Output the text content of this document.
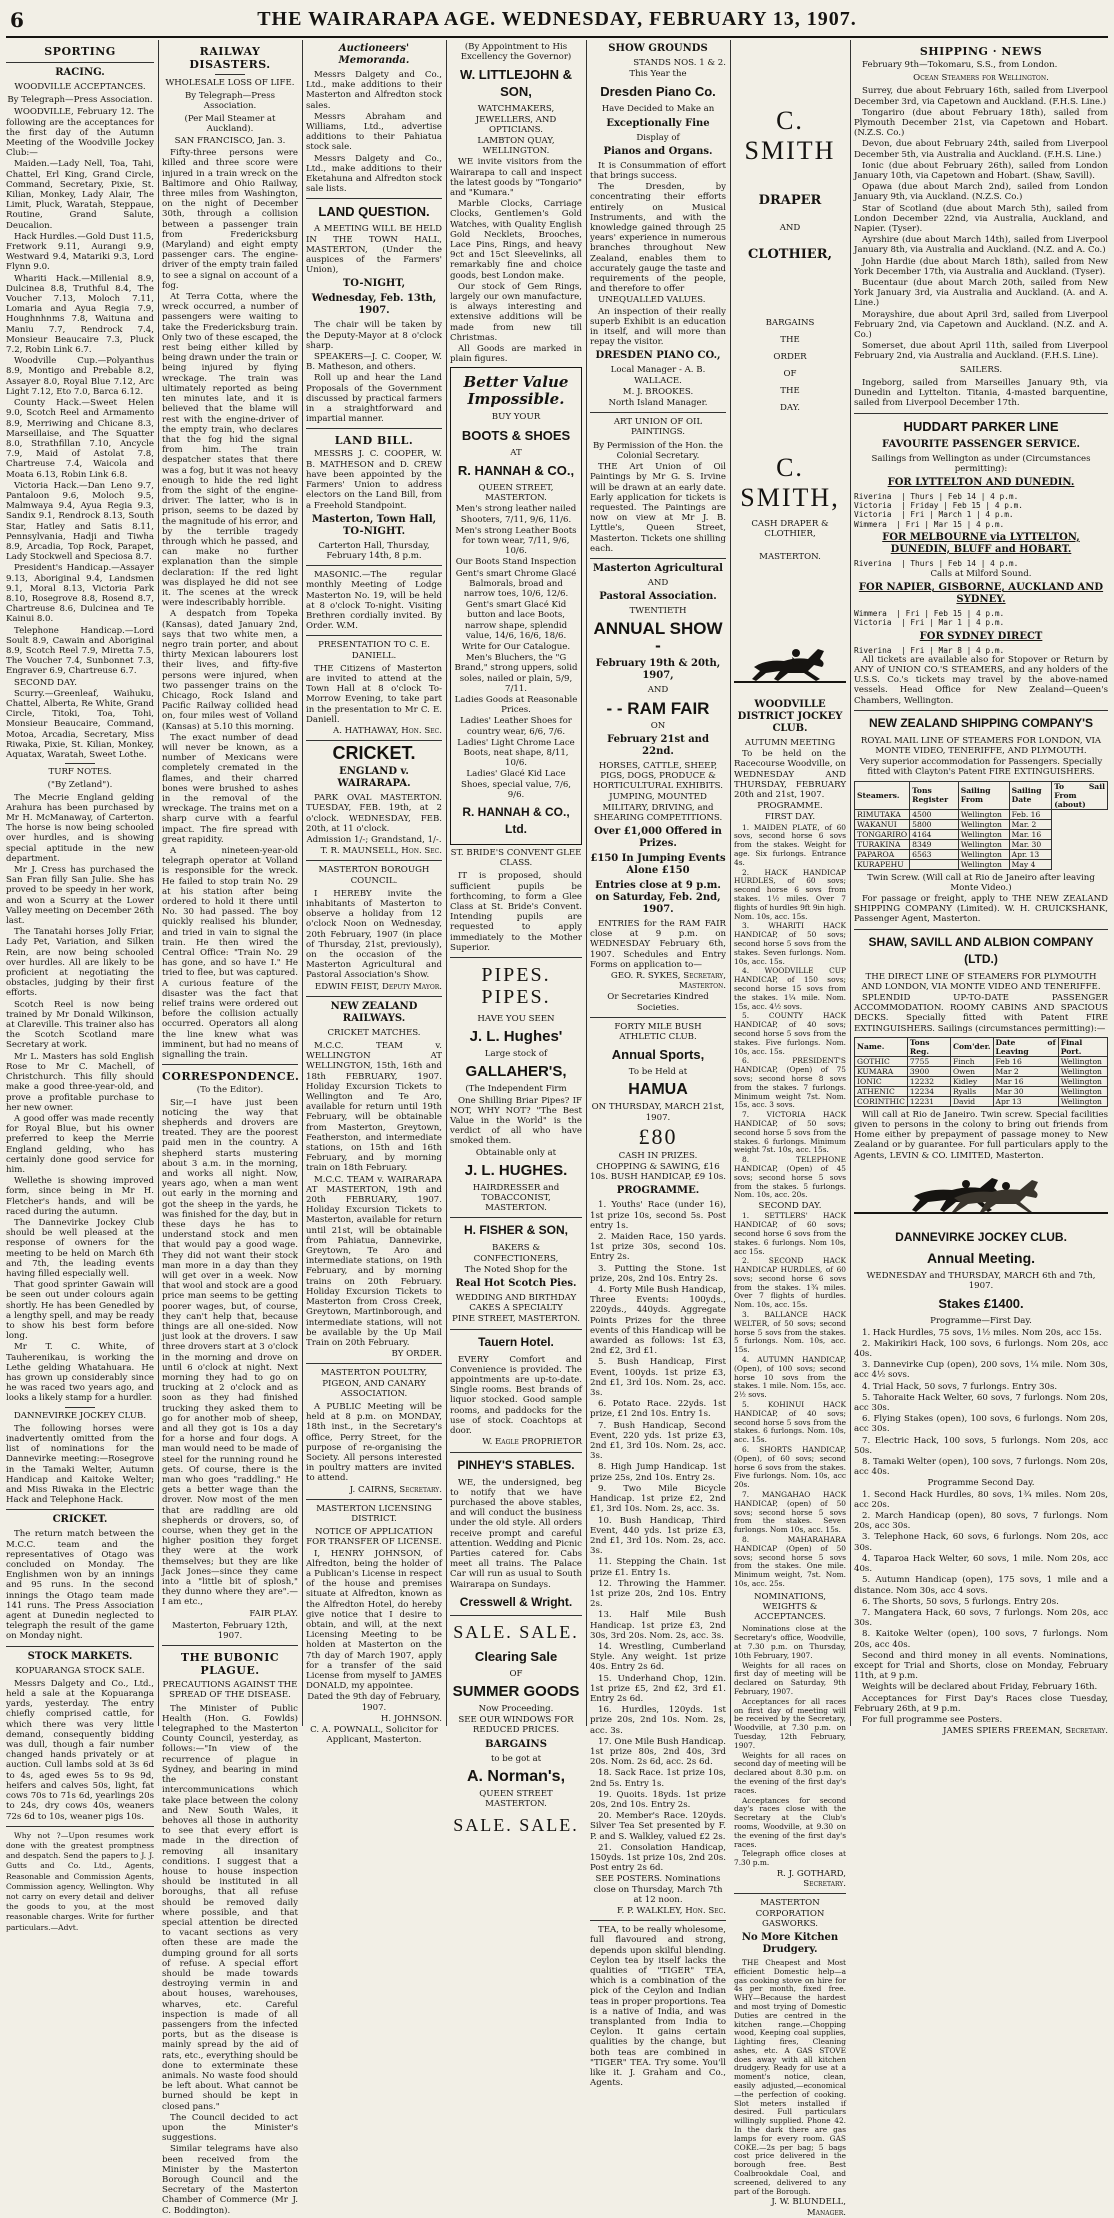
6	THE WAIRARAPA AGE. WEDNESDAY, FEBRUARY 13, 1907.
SPORTING
RACING.
WOODVILLE ACCEPTANCES.
By Telegraph—Press Association.
WOODVILLE, February 12. The following are the acceptances for the first day of the Autumn Meeting of the Woodville Jockey Club:—
Maiden.—Lady Nell, Toa, Tahi, Chattel, Erl King, Grand Circle, Command, Secretary, Pixie, St. Kilian, Monkey, Lady Alair, The Limit, Pluck, Waratah, Steppaue, Routine, Grand Salute, Deucalion.
Hack Hurdles.—Gold Dust 11.5, Fretwork 9.11, Aurangi 9.9, Westward 9.4, Matariki 9.3, Lord Flynn 9.0.
Whariti Hack.—Millenial 8.9, Dulcinea 8.8, Truthful 8.4, The Voucher 7.13, Moloch 7.11, Lomaria and Ayua Regia 7.9, Houghnhnms 7.8, Waituna and Maniu 7.7, Rendrock 7.4, Monsieur Beaucaire 7.3, Pluck 7.2, Robin Link 6.7.
Woodville Cup.—Polyanthus 8.9, Montigo and Prebable 8.2, Assayer 8.0, Royal Blue 7.12, Arc Light 7.12, Eto 7.0, Barca 6.12.
County Hack.—Sweet Helen 9.0, Scotch Reel and Armamento 8.9, Merriwing and Chicane 8.3, Marseillaise, and The Squatter 8.0, Strathfillan 7.10, Ancycle 7.9, Maid of Astolat 7.8, Chartreuse 7.4, Waicola and Moata 6.13, Robin Link 6.8.
Victoria Hack.—Dan Leno 9.7, Pantaloon 9.6, Moloch 9.5, Malmwaya 9.4, Ayua Regia 9.3, Sandix 9.1, Rendrock 8.13, South Star, Hatley and Satis 8.11, Pennsylvania, Hadji and Tiwha 8.9, Arcadia, Top Rock, Parapet, Lady Stockwell and Speciosa 8.7.
President's Handicap.—Assayer 9.13, Aboriginal 9.4, Landsmen 9.1, Moral 8.13, Victoria Park 8.10, Rosegrove 8.8, Rosend 8.7, Chartreuse 8.6, Dulcinea and Te Kainui 8.0.
Telephone Handicap.—Lord Soult 8.9, Cawain and Aboriginal 8.9, Scotch Reel 7.9, Miretta 7.5, The Voucher 7.4, Sunbonnet 7.3, Engraver 6.9, Chartreuse 6.7.
SECOND DAY.
Scurry.—Greenleaf, Waihuku, Chattel, Alberta, Re White, Grand Circle, Titoki, Toa, Tohi, Monsieur Beaucaire, Command, Motoa, Arcadia, Secretary, Miss Riwaka, Pixie, St. Kilian, Monkey, Aquatax, Waratah, Sweet Lothe.
TURF NOTES.
("By Zetland").
The Mecrie England gelding Arahura has been purchased by Mr H. McManaway, of Carterton. The horse is now being schooled over hurdles, and is showing special aptitude in the new department.
Mr J. Cress has purchased the San Fran filly San Julie. She has proved to be speedy in her work, and won a Scurry at the Lower Valley meeting on December 26th last.
The Tanatahi horses Jolly Friar, Lady Pet, Variation, and Silken Rein, are now being schooled over hurdles. All are likely to be proficient at negotiating the obstacles, judging by their first efforts.
Scotch Reel is now being trained by Mr Donald Wilkinson, at Clareville. This trainer also has the Scotch Scotland mare Secretary at work.
Mr L. Masters has sold English Rose to Mr C. Machell, of Christchurch. This filly should make a good three-year-old, and prove a profitable purchase to her new owner.
A good offer was made recently for Royal Blue, but his owner preferred to keep the Merrie England gelding, who has certainly done good service for him.
Wellethe is showing improved form, since being in Mr H. Fletcher's hands, and will be raced during the autumn.
The Dannevirke Jockey Club should be well pleased at the response of owners for the meeting to be held on March 6th and 7th, the leading events having filled especially well.
That good sprinter Gawain will be seen out under colours again shortly. He has been Genedled by a lengthy spell, and may be ready to show his best form before long.
Mr T. C. White, of Tauherenikau, is working the Lethe gelding Whatahuara. He has grown up considerably since he was raced two years ago, and looks a likely stamp for a hurdler.
DANNEVIRKE JOCKEY CLUB.
The following horses were inadvertently omitted from the list of nominations for the Dannevirke meeting:—Rosegrove in the Tamaki Welter, Autumn Handicap and Kaitoke Welter; and Miss Riwaka in the Electric Hack and Telephone Hack.
CRICKET.
The return match between the M.C.C. team and the representatives of Otago was concluded on Monday. The Englishmen won by an innings and 95 runs. In the second innings the Otago team made 141 runs. The Press Association agent at Dunedin neglected to telegraph the result of the game on Monday night.
STOCK MARKETS.
KOPUARANGA STOCK SALE.
Messrs Dalgety and Co., Ltd., held a sale at the Kopuaranga yards, yesterday. The entry chiefly comprised cattle, for which there was very little demand, consequently bidding was dull, though a fair number changed hands privately or at auction. Cull lambs sold at 3s 6d to 4s, aged ewes 5s to 9s 9d, heifers and calves 50s, light, fat cows 70s to 71s 6d, yearlings 20s to 24s, dry cows 40s, weaners 72s 6d to 10s, weaner pigs 10s.

Why not ?—Upon resumes work done with the greatest promptness and despatch. Send the papers to J. J. Gutts and Co. Ltd., Agents, Reasonable and Commission Agents, Commission agency, Wellington. Why not carry on every detail and deliver the goods to you, at the most reasonable charges. Write for further particulars.—Advt.

RAILWAY DISASTERS.
WHOLESALE LOSS OF LIFE.
By Telegraph—Press Association.
(Per Mail Steamer at Auckland).
SAN FRANCISCO, Jan. 3.
Fifty-three persons were killed and three score were injured in a train wreck on the Baltimore and Ohio Railway, three miles from Washington, on the night of December 30th, through a collision between a passenger train from Fredericksburg (Maryland) and eight empty passenger cars. The engine-driver of the empty train failed to see a signal on account of a fog.
At Terra Cotta, where the wreck occurred, a number of passengers were waiting to take the Fredericksburg train. Only two of these escaped, the rest being either killed by being drawn under the train or being injured by flying wreckage. The train was ultimately reported as being ten minutes late, and it is believed that the blame will rest with the engine-driver of the empty train, who declares that the fog hid the signal from him. The train despatcher states that there was a fog, but it was not heavy enough to hide the red light from the sight of the engine-driver. The latter, who is in prison, seems to be dazed by the magnitude of his error, and by the terrible tragedy through which he passed, and can make no further explanation than the simple declaration: If the red light was displayed he did not see it. The scenes at the wreck were indescribably horrible.
A despatch from Topeka (Kansas), dated January 2nd, says that two white men, a negro train porter, and about thirty Mexican labourers lost their lives, and fifty-five persons were injured, when two passenger trains on the Chicago, Rock Island and Pacific Railway collided head on, four miles west of Volland (Kansas) at 5.10 this morning.
The exact number of dead will never be known, as a number of Mexicans were completely cremated in the flames, and their charred bones were brushed to ashes in the removal of the wreckage. The trains met on a sharp curve with a fearful impact. The fire spread with great rapidity.
A nineteen-year-old telegraph operator at Volland is responsible for the wreck. He failed to stop train No. 29 at his station after being ordered to hold it there until No. 30 had passed. The boy quickly realised his blunder, and tried in vain to signal the train. He then wired the Central Office: "Train No. 29 has gone, and so have I." He tried to flee, but was captured. A curious feature of the disaster was the fact that relief trains were ordered out before the collision actually occurred. Operators all along the line knew what was imminent, but had no means of signalling the train.
CORRESPONDENCE.
(To the Editor).
Sir,—I have just been noticing the way that shepherds and drovers are treated. They are the poorest paid men in the country. A shepherd starts mustering about 3 a.m. in the morning, and works all night. Now, years ago, when a man went out early in the morning and got the sheep in the yards, he was finished for the day, but in these days he has to understand stock and men that would pay a good wage. They did not want their stock man more in a day than they will get over in a week. Now that wool and stock are a good price man seems to be getting poorer wages, but, of course, they can't help that, because things are all one-sided. Now just look at the drovers. I saw three drovers start at 3 o'clock in the morning and drove on until 6 o'clock at night. Next morning they had to go on trucking at 2 o'clock and as soon as they had finished trucking they asked them to go for another mob of sheep, and all they got is 10s a day for a horse and four dogs. A man would need to be made of steel for the running round he gets. Of course, there is the man who goes "raddling." He gets a better wage than the drover. Now most of the men that are raddling are old shepherds or drovers, so, of course, when they get in the higher position they forget they were at the work themselves; but they are like Jack Jones—since they came into a "little bit of splosh," they dunno where they are".—I am etc.,
FAIR PLAY.
Masterton, February 12th, 1907.
THE BUBONIC PLAGUE.
PRECAUTIONS AGAINST THE SPREAD OF THE DISEASE.
The Minister of Public Health (Hon. G. Fowlds) telegraphed to the Masterton County Council, yesterday, as follows:—"In view of the recurrence of plague in Sydney, and bearing in mind the constant intercommunications which take place between the colony and New South Wales, it behoves all those in authority to see that every effort is made in the direction of removing all insanitary conditions. I suggest that a house to house inspection should be instituted in all boroughs, that all refuse should be removed daily where possible, and that special attention be directed to vacant sections as very often these are made the dumping ground for all sorts of refuse. A special effort should be made towards destroying vermin in and about houses, warehouses, wharves, etc. Careful inspection is made of all passengers from the infected ports, but as the disease is mainly spread by the aid of rats, etc., everything should be done to exterminate these animals. No waste food should be left about. What cannot be burned should be kept in closed pans."
The Council decided to act upon the Minister's suggestions.
Similar telegrams have also been received from the Minister by the Masterton Borough Council and the Secretary of the Masterton Chamber of Commerce (Mr J. C. Boddington).
Auctioneers' Memoranda.
Messrs Dalgety and Co., Ltd., make additions to their Masterton and Alfredton stock sales.
Messrs Abraham and Williams, Ltd., advertise additions to their Pahiatua stock sale.
Messrs Dalgety and Co., Ltd., make additions to their Eketahuna and Alfredton stock sale lists.
LAND QUESTION.
A MEETING WILL BE HELD IN THE TOWN HALL, MASTERTON, (Under the auspices of the Farmers' Union),
TO-NIGHT,
Wednesday, Feb. 13th, 1907.
The chair will be taken by the Deputy-Mayor at 8 o'clock sharp.
SPEAKERS—J. C. Cooper, W. B. Matheson, and others.
Roll up and hear the Land Proposals of the Government discussed by practical farmers in a straightforward and impartial manner.
LAND BILL.

MESSRS J. C. COOPER, W. B. MATHESON and D. CREW have been appointed by the Farmers' Union to address electors on the Land Bill, from a Freehold Standpoint.

Masterton, Town Hall, TO-NIGHT.
Carterton Hall, Thursday, February 14th, 8 p.m.

MASONIC.—The regular monthly Meeting of Lodge Masterton No. 19, will be held at 8 o'clock To-night. Visiting Brethren cordially invited. By Order. W.M.

PRESENTATION TO C. E. DANIELL.

THE Citizens of Masterton are invited to attend at the Town Hall at 8 o'clock To-Morrow Evening, to take part in the presentation to Mr C. E. Daniell.

A. HATHAWAY, Hon. Sec.
CRICKET.
ENGLAND v. WAIRARAPA.

PARK OVAL MASTERTON. TUESDAY, FEB. 19th, at 2 o'clock. WEDNESDAY, FEB. 20th, at 11 o'clock.

Admission 1/-; Grandstand, 1/-.
T. R. MAUNSELL, Hon. Sec.
MASTERTON BOROUGH COUNCIL.

I HEREBY invite the inhabitants of Masterton to observe a holiday from 12 o'clock Noon on Wednesday, 20th February, 1907 (in place of Thursday, 21st, previously), on the occasion of the Masterton Agricultural and Pastoral Association's Show.

EDWIN FEIST, Deputy Mayor.
NEW ZEALAND RAILWAYS.
CRICKET MATCHES.

M.C.C. TEAM v. WELLINGTON AT WELLINGTON, 15th, 16th and 18th FEBRUARY, 1907. Holiday Excursion Tickets to Wellington and Te Aro, available for return until 19th February, will be obtainable from Masterton, Greytown, Featherston, and intermediate stations, on 15th and 16th February, and by morning train on 18th February.

M.C.C. TEAM v. WAIRARAPA AT MASTERTON, 19th and 20th FEBRUARY, 1907. Holiday Excursion Tickets to Masterton, available for return until 21st, will be obtainable from Pahiatua, Dannevirke, Greytown, Te Aro and intermediate stations, on 19th February, and by morning trains on 20th February. Holiday Excursion Tickets to Masterton from Cross Creek, Greytown, Martinborough, and intermediate stations, will not be available by the Up Mail Train on 20th February.

BY ORDER.
MASTERTON POULTRY, PIGEON, AND CANARY ASSOCIATION.

A PUBLIC Meeting will be held at 8 p.m. on MONDAY, 18th inst., in the Secretary's office, Perry Street, for the purpose of re-organising the Society. All persons interested in poultry matters are invited to attend.

J. CAIRNS, Secretary.
MASTERTON LICENSING DISTRICT.
NOTICE OF APPLICATION FOR TRANSFER OF LICENSE.

I, HENRY JOHNSON, of Alfredton, being the holder of a Publican's License in respect of the house and premises situate at Alfredton, known as the Alfredton Hotel, do hereby give notice that I desire to obtain, and will, at the next Licensing Meeting to be holden at Masterton on the 7th day of March 1907, apply for a transfer of the said License from myself to JAMES DONALD, my appointee.

Dated the 9th day of February, 1907.
H. JOHNSON.
C. A. POWNALL, Solicitor for Applicant, Masterton.
(By Appointment to His Excellency the Governor)
W. LITTLEJOHN & SON,
WATCHMAKERS, JEWELLERS, AND OPTICIANS.
LAMBTON QUAY, WELLINGTON.
WE invite visitors from the Wairarapa to call and inspect the latest goods by "Tongario" and "Kumara."
Marble Clocks, Carriage Clocks, Gentlemen's Gold Watches, with Quality English Gold Necklets, Brooches, Lace Pins, Rings, and heavy 9ct and 15ct Sleevelinks, all remarkably fine and choice goods, best London make.
Our stock of Gem Rings, largely our own manufacture, is always interesting and extensive additions will be made from new till Christmas.
All Goods are marked in plain figures.
Better Value Impossible.
BUY YOUR
BOOTS & SHOES
AT
R. HANNAH & CO.,
QUEEN STREET, MASTERTON.
Men's strong leather nailed Shooters, 7/11, 9/6, 11/6.
Men's strong Leather Boots for town wear, 7/11, 9/6, 10/6.
Our Boots Stand Inspection
Gent's smart Chrome Glacé Balmorals, broad and narrow toes, 10/6, 12/6.
Gent's smart Glacé Kid button and lace Boots, narrow shape, splendid value, 14/6, 16/6, 18/6.
Write for Our Catalogue.
Men's Bluchers, the "G Brand," strong uppers, solid soles, nailed or plain, 5/9, 7/11.
Ladies Goods at Reasonable Prices.
Ladies' Leather Shoes for country wear, 6/6, 7/6.
Ladies' Light Chrome Lace Boots, neat shape, 8/11, 10/6.
Ladies' Glacé Kid Lace Shoes, special value, 7/6, 9/6.
R. HANNAH & CO., Ltd.
ST. BRIDE'S CONVENT GLEE CLASS.

IT is proposed, should sufficient pupils be forthcoming, to form a Glee Class at St. Bride's Convent. Intending pupils are requested to apply immediately to the Mother Superior.

PIPES. PIPES.
HAVE YOU SEEN
J. L. Hughes'
Large stock of
GALLAHER'S,
(The Independent Firm

One Shilling Briar Pipes? IF NOT, WHY NOT? "The Best Value in the World" is the verdict of all who have smoked them.

Obtainable only at
J. L. HUGHES.
HAIRDRESSER and TOBACCONIST, MASTERTON.
H. FISHER & SON,
BAKERS & CONFECTIONERS,
The Noted Shop for the
Real Hot Scotch Pies.
WEDDING AND BIRTHDAY CAKES A SPECIALTY
PINE STREET, MASTERTON.
Tauern Hotel.

EVERY Comfort and Convenience is provided. The appointments are up-to-date. Single rooms. Best brands of liquor stocked. Good sample rooms, and paddocks for the use of stock. Coachtops at door.

W. Eagle PROPRIETOR
PINHEY'S STABLES.

WE, the undersigned, beg to notify that we have purchased the above stables, and will conduct the business under the old style. All orders receive prompt and careful attention. Wedding and Picnic Parties catered for. Cabs meet all trains. The Palace Car will run as usual to South Wairarapa on Sundays.

Cresswell & Wright.
SALE. SALE.
Clearing Sale
OF
SUMMER GOODS
Now Proceeding.
SEE OUR WINDOWS FOR REDUCED PRICES.
BARGAINS
to be got at
A. Norman's,
QUEEN STREET MASTERTON.
SALE. SALE.
SHOW GROUNDS
STANDS NOS. 1 & 2.
This Year the
Dresden Piano Co.
Have Decided to Make an
Exceptionally Fine
Display of
Pianos and Organs.
It is Consummation of effort that brings success.
The Dresden, by concentrating their efforts entirely on Musical Instruments, and with the knowledge gained through 25 years' experience in numerous branches throughout New Zealand, enables them to accurately gauge the taste and requirements of the people, and therefore to offer
UNEQUALLED VALUES.
An inspection of their really superb Exhibit is an education in itself, and will more than repay the visitor.
DRESDEN PIANO CO.,
Local Manager - A. B. WALLACE.
M. J. BROOKES.
North Island Manager.
ART UNION OF OIL PAINTINGS.
By Permission of the Hon. the Colonial Secretary.

THE Art Union of Oil Paintings by Mr G. S. Irvine will be drawn at an early date. Early application for tickets is requested. The Paintings are now on view at Mr J. B. Lyttle's, Queen Street, Masterton. Tickets one shilling each.

Masterton Agricultural
AND
Pastoral Association.
TWENTIETH
ANNUAL SHOW -
February 19th & 20th, 1907,
AND
- - RAM FAIR
ON
February 21st and 22nd.
HORSES, CATTLE, SHEEP, PIGS, DOGS, PRODUCE & HORTICULTURAL EXHIBITS.
JUMPING, MOUNTED MILITARY, DRIVING, and SHEARING COMPETITIONS.
Over £1,000 Offered in Prizes.
£150 In Jumping Events Alone £150
Entries close at 9 p.m. on Saturday, Feb. 2nd, 1907.

ENTRIES for the RAM FAIR close at 9 p.m. on WEDNESDAY February 6th, 1907. Schedules and Entry Forms on application to—

GEO. R. SYKES, Secretary, Masterton.
Or Secretaries Kindred Societies.
FORTY MILE BUSH ATHLETIC CLUB.
Annual Sports,
To be Held at
HAMUA
ON THURSDAY, MARCH 21st, 1907.
£80
CASH IN PRIZES.
CHOPPING & SAWING, £16 10s. BUSH HANDICAP, £9 10s.
PROGRAMME.
1. Youths' Race (under 16), 1st prize 10s, second 5s. Post entry 1s.
2. Maiden Race, 150 yards. 1st prize 30s, second 10s. Entry 2s.
3. Putting the Stone. 1st prize, 20s, 2nd 10s. Entry 2s.
4. Forty Mile Bush Handicap, Three Events: 100yds., 220yds., 440yds. Aggregate Points Prizes for the three events of this Handicap will be awarded as follows: 1st £3, 2nd £2, 3rd £1.
5. Bush Handicap, First Event, 100yds. 1st prize £3, 2nd £1, 3rd 10s. Nom. 2s, acc. 3s.
6. Potato Race. 22yds. 1st prize, £1 2nd 10s. Entry 1s.
7. Bush Handicap, Second Event, 220 yds. 1st prize £3, 2nd £1, 3rd 10s. Nom. 2s, acc. 3s.
8. High Jump Handicap. 1st prize 25s, 2nd 10s. Entry 2s.
9. Two Mile Bicycle Handicap. 1st prize £2, 2nd £1, 3rd 10s. Nom. 2s, acc. 3s.
10. Bush Handicap, Third Event, 440 yds. 1st prize £3, 2nd £1, 3rd 10s. Nom. 2s, acc. 3s.
11. Stepping the Chain. 1st prize £1. Entry 1s.
12. Throwing the Hammer. 1st prize 20s, 2nd 10s. Entry 2s.
13. Half Mile Bush Handicap. 1st prize £3, 2nd 30s, 3rd 20s. Nom. 2s, acc. 3s.
14. Wrestling, Cumberland Style. Any weight. 1st prize 40s. Entry 2s 6d.
15. Underhand Chop, 12in. 1st prize £5, 2nd £2, 3rd £1. Entry 2s 6d.
16. Hurdles, 120yds. 1st prize 20s, 2nd 10s. Nom. 2s, acc. 3s.
17. One Mile Bush Handicap. 1st prize 80s, 2nd 40s, 3rd 20s. Nom. 2s 6d, acc. 2s 6d.
18. Sack Race. 1st prize 10s, 2nd 5s. Entry 1s.
19. Quoits. 18yds. 1st prize 20s, 2nd 10s. Entry 2s.
20. Member's Race. 120yds. Silver Tea Set presented by F. P. and S. Walkley, valued £2 2s.
21. Consolation Handicap, 150yds. 1st prize 10s, 2nd 20s. Post entry 2s 6d.
SEE POSTERS. Nominations close on Thursday, March 7th at 12 noon.
F. P. WALKLEY, Hon. Sec.

TEA, to be really wholesome, full flavoured and strong, depends upon skilful blending. Ceylon tea by itself lacks the qualities of "TIGER" TEA, which is a combination of the pick of the Ceylon and Indian teas in proper proportions. Tea is a native of India, and was transplanted from India to Ceylon. It gains certain qualities by the change, but both teas are combined in "TIGER" TEA. Try some. You'll like it. J. Graham and Co., Agents.

C. SMITH
DRAPER
AND
CLOTHIER,
BARGAINS
THE
ORDER
OF
THE
DAY.
C. SMITH,
CASH DRAPER & CLOTHIER,
MASTERTON.
WOODVILLE DISTRICT JOCKEY CLUB.
AUTUMN MEETING

To be held on the Racecourse Woodville, on WEDNESDAY AND THURSDAY, FEBRUARY 20th and 21st, 1907.

PROGRAMME.
FIRST DAY.
1. MAIDEN PLATE, of 60 sovs, second horse 6 sovs from the stakes. Weight for age. Six furlongs. Entrance 4s.
2. HACK HANDICAP HURDLES, of 60 sovs; second horse 6 sovs from stakes. 1½ miles. Over 7 flights of hurdles 9ft 9in high. Nom. 10s, acc. 15s.
3. WHARITI HACK HANDICAP, of 50 sovs; second horse 5 sovs from the stakes. Seven furlongs. Nom. 10s, acc. 15s.
4. WOODVILLE CUP HANDICAP, of 150 sovs; second horse 15 sovs from the stakes. 1¼ mile. Nom. 15s, acc. 4½ sovs.
5. COUNTY HACK HANDICAP, of 40 sovs; second horse 5 sovs from the stakes. Five furlongs. Nom. 10s, acc. 15s.
6. PRESIDENT'S HANDICAP, (Open) of 75 sovs; second horse 8 sovs from the stakes. 7 furlongs. Minimum weight 7st. Nom. 15s, acc. 3 sovs.
7. VICTORIA HACK HANDICAP, of 50 sovs; second horse 5 sovs from the stakes. 6 furlongs. Minimum weight 7st. 10s, acc. 15s.
8. TELEPHONE HANDICAP, (Open) of 45 sovs; second horse 5 sovs from the stakes. 5 furlongs. Nom. 10s, acc. 20s.
SECOND DAY.
1. SETTLERS' HACK HANDICAP, of 60 sovs; second horse 6 sovs from the stakes. 6 furlongs. Nom 10s, acc 15s.
2. SECOND HACK HANDICAP HURDLES, of 60 sovs; second horse 6 sovs from the stakes. 1¾ miles. Over 7 flights of hurdles. Nom. 10s, acc. 15s.
3. BALLANCE HACK WELTER, of 50 sovs; second horse 5 sovs from the stakes. 5 furlongs. Nom. 10s, acc. 15s.
4. AUTUMN HANDICAP, (Open), of 100 sovs; second horse 10 sovs from the stakes. 1 mile. Nom. 15s, acc. 2½ sovs.
5. KOHINUI HACK HANDICAP, of 40 sovs; second horse 5 sovs from the stakes. 6 furlongs. Nom. 10s, acc. 15s.
6. SHORTS HANDICAP, (Open), of 60 sovs; second horse 6 sovs from the stakes. Five furlongs. Nom. 10s, acc 20s.
7. MANGAHAO HACK HANDICAP, (open) of 50 sovs; second horse 5 sovs from the stakes. Seven furlongs. Nom 10s, acc. 15s.
8. MAHARAHARA HANDICAP (Open) of 50 sovs; second horse 5 sovs from the stakes. One mile. Minimum weight, 7st. Nom. 10s, acc. 25s.
NOMINATIONS, WEIGHTS & ACCEPTANCES.
Nominations close at the Secretary's office, Woodville, at 7.30 p.m. on Thursday, 10th February, 1907.
Weights for all races on first day of meeting will be declared on Saturday, 9th February, 1907.
Acceptances for all races on first day of meeting will be received by the Secretary, Woodville, at 7.30 p.m. on Tuesday, 12th February, 1907.
Weights for all races on second day of meeting will be declared about 8.30 p.m. on the evening of the first day's races.
Acceptances for second day's races close with the Secretary at the Club's rooms, Woodville, at 9.30 on the evening of the first day's races.
Telegraph office closes at 7.30 p.m.
R. J. GOTHARD, Secretary.
MASTERTON CORPORATION GASWORKS.
No More Kitchen Drudgery.

THE Cheapest and Most efficient Domestic help—a gas cooking stove on hire for 4s per month, fixed free. WHY—Because the hardest and most trying of Domestic Duties are centred in the kitchen range.—Chopping wood, Keeping coal supplies, Lighting fires, Cleaning ashes, etc. A GAS STOVE does away with all kitchen drudgery. Ready for use at a moment's notice, clean, easily adjusted,—economical—the perfection of cooking. Slot meters installed if desired. Full particulars willingly supplied. Phone 42. In the dark there are gas lamps for every room. GAS COKE.—2s per bag; 5 bags cost price delivered in the borough free. Best Coalbrookdale Coal, and screened, delivered to any part of the Borough.

J. W. BLUNDELL, Manager.
SHIPPING · NEWS

February 9th—Tokomaru, S.S., from London.

Ocean Steamers for Wellington.
Surrey, due about February 16th, sailed from Liverpool December 3rd, via Capetown and Auckland. (F.H.S. Line.)
Tongariro (due about February 18th), sailed from Plymouth December 21st, via Capetown and Hobart. (N.Z.S. Co.)
Devon, due about February 24th, sailed from Liverpool December 5th, via Australia and Auckland. (F.H.S. Line.)
Ionic (due about February 26th), sailed from London January 10th, via Capetown and Hobart. (Shaw, Savill).
Opawa (due about March 2nd), sailed from London January 9th, via Auckland. (N.Z.S. Co.)
Star of Scotland (due about March 5th), sailed from London December 22nd, via Australia, Auckland, and Napier. (Tyser).
Ayrshire (due about March 14th), sailed from Liverpool January 8th, via Australia and Auckland. (N.Z. and A. Co.)
John Hardie (due about March 18th), sailed from New York December 17th, via Australia and Auckland. (Tyser).
Bucentaur (due about March 20th, sailed from New York January 3rd, via Australia and Auckland. (A. and A. Line.)
Morayshire, due about April 3rd, sailed from Liverpool February 2nd, via Capetown and Auckland. (N.Z. and A. Co.)
Somerset, due about April 11th, sailed from Liverpool February 2nd, via Australia and Auckland. (F.H.S. Line).
SAILERS.

Ingeborg, sailed from Marseilles January 9th, via Dunedin and Lyttelton. Titania, 4-masted barquentine, sailed from Liverpool December 17th.

HUDDART PARKER LINE
FAVOURITE PASSENGER SERVICE.
Sailings from Wellington as under (Circumstances permitting):
FOR LYTTELTON AND DUNEDIN.
Riverina  | Thurs | Feb 14 | 4 p.m.
Victoria  | Friday | Feb 15 | 4 p.m.
Victoria  | Fri | March 1 | 4 p.m.
Wimmera  | Fri | Mar 15 | 4 p.m.
FOR MELBOURNE via LYTTELTON, DUNEDIN, BLUFF and HOBART.
Riverina  | Thurs | Feb 14 | 4 p.m.
Calls at Milford Sound.
FOR NAPIER, GISBORNE, AUCKLAND AND SYDNEY.
Wimmera  | Fri | Feb 15 | 4 p.m.
Victoria  | Fri | Mar 1 | 4 p.m.
FOR SYDNEY DIRECT
Riverina  | Fri | Mar 8 | 4 p.m.

All tickets are available also for Stopover or Return by ANY of UNION CO.'S STEAMERS, and any holders of the U.S.S. Co.'s tickets may travel by the above-named vessels. Head Office for New Zealand—Queen's Chambers, Wellington.

NEW ZEALAND SHIPPING COMPANY'S
ROYAL MAIL LINE OF STEAMERS FOR LONDON, VIA MONTE VIDEO, TENERIFFE, AND PLYMOUTH.
Very superior accommodation for Passengers. Specially fitted with Clayton's Patent FIRE EXTINGUISHERS.
Steamers.	Tons Register	Sailing From	Sailing Date	To Sail From (about)
RIMUTAKA	4500	Wellington	Feb. 16	
WAKANUI	5800	Wellington	Mar. 2	
TONGARIRO	4164	Wellington	Mar. 16	
TURAKINA	8349	Wellington	Mar. 30	
PAPAROA	6563	Wellington	Apr. 13	
KURAPEHU		Wellington	May 4	
Twin Screw. (Will call at Rio de Janeiro after leaving Monte Video.)

For passage or freight, apply to THE NEW ZEALAND SHIPPING COMPANY (Limited). W. H. CRUICKSHANK, Passenger Agent, Masterton.

SHAW, SAVILL AND ALBION COMPANY (LTD.)
THE DIRECT LINE OF STEAMERS FOR PLYMOUTH AND LONDON, VIA MONTE VIDEO AND TENERIFFE.

SPLENDID UP-TO-DATE PASSENGER ACCOMMODATION. ROOMY CABINS AND SPACIOUS DECKS. Specially fitted with Patent FIRE EXTINGUISHERS. Sailings (circumstances permitting):—

Name.	Tons Reg.	Com'der.	Date of Leaving	Final Port.
GOTHIC	7755	Finch	Feb 16	Wellington
KUMARA	3900	Owen	Mar 2	Wellington
IONIC	12232	Kidley	Mar 16	Wellington
ATHENIC	12234	Ryalls	Mar 30	Wellington
CORINTHIC	12231	David	Apr 13	Wellington

Will call at Rio de Janeiro. Twin screw. Special facilities given to persons in the colony to bring out friends from Home either by prepayment of passage money to New Zealand or by guarantee. For full particulars apply to the Agents, LEVIN & CO. LIMITED, Masterton.

DANNEVIRKE JOCKEY CLUB.
Annual Meeting.
WEDNESDAY and THURSDAY, MARCH 6th and 7th, 1907.
Stakes £1400.
Programme—First Day.
1. Hack Hurdles, 75 sovs, 1½ miles. Nom 20s, acc 15s.
2. Makirikiri Hack, 100 sovs, 6 furlongs. Nom 20s, acc 40s.
3. Dannevirke Cup (open), 200 sovs, 1¼ mile. Nom 30s, acc 4½ sovs.
4. Trial Hack, 50 sovs, 7 furlongs. Entry 30s.
5. Tahoraite Hack Welter, 60 sovs, 7 furlongs. Nom 20s, acc 30s.
6. Flying Stakes (open), 100 sovs, 6 furlongs. Nom 20s, acc 30s.
7. Electric Hack, 100 sovs, 5 furlongs. Nom 20s, acc 50s.
8. Tamaki Welter (open), 100 sovs, 7 furlongs. Nom 20s, acc 40s.
Programme Second Day.
1. Second Hack Hurdles, 80 sovs, 1¾ miles. Nom 20s, acc 20s.
2. March Handicap (open), 80 sovs, 7 furlongs. Nom 20s, acc 30s.
3. Telephone Hack, 60 sovs, 6 furlongs. Nom 20s, acc 30s.
4. Taparoa Hack Welter, 60 sovs, 1 mile. Nom 20s, acc 40s.
5. Autumn Handicap (open), 175 sovs, 1 mile and a distance. Nom 30s, acc 4 sovs.
6. The Shorts, 50 sovs, 5 furlongs. Entry 20s.
7. Mangatera Hack, 60 sovs, 7 furlongs. Nom 20s, acc 30s.
8. Kaitoke Welter (open), 100 sovs, 7 furlongs. Nom 20s, acc 40s.
Second and third money in all events. Nominations, except for Trial and Shorts, close on Monday, February 11th, at 9 p.m.
Weights will be declared about Friday, February 16th.
Acceptances for First Day's Races close Tuesday, February 26th, at 9 p.m.
For full programme see Posters.
JAMES SPIERS FREEMAN, Secretary.
